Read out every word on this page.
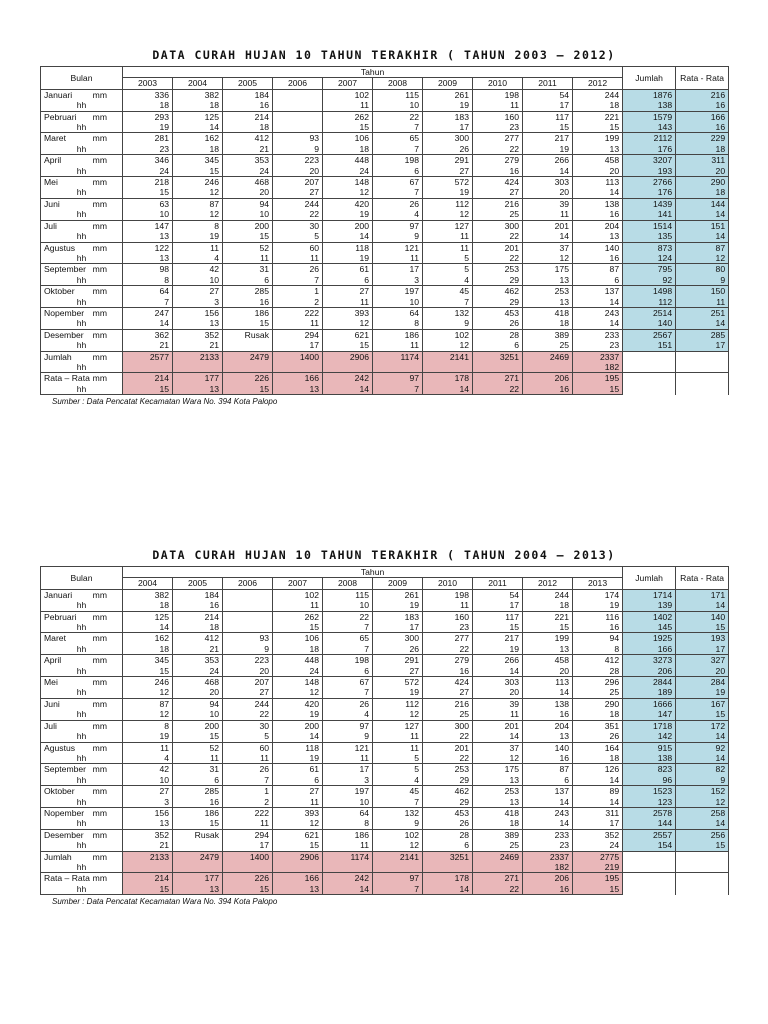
DATA CURAH HUJAN 10 TAHUN TERAKHIR ( TAHUN 2003 – 2012)
Bulan	Tahun										Jumlah	Rata - Rata
	2003	2004	2005	2006	2007	2008	2009	2010	2011	2012		
Januari mm	336	382	184		102	115	261	198	54	244	1876	216

hh	18	18	16		11	10	19	11	17	18	138	16
Pebruari mm	293	125	214		262	22	183	160	117	221	1579	166

hh	19	14	18		15	7	17	23	15	15	143	16
Maret mm	281	162	412	93	106	65	300	277	217	199	2112	229

hh	23	18	21	9	18	7	26	22	19	13	176	18
April mm	346	345	353	223	448	198	291	279	266	458	3207	311

hh	24	15	24	20	24	6	27	16	14	20	193	20
Mei mm	218	246	468	207	148	67	572	424	303	113	2766	290

hh	15	12	20	27	12	7	19	27	20	14	176	18
Juni mm	63	87	94	244	420	26	112	216	39	138	1439	144

hh	10	12	10	22	19	4	12	25	11	16	141	14
Juli mm	147	8	200	30	200	97	127	300	201	204	1514	151

hh	13	19	15	5	14	9	11	22	14	13	135	14
Agustus mm	122	11	52	60	118	121	11	201	37	140	873	87

hh	13	4	11	11	19	11	5	22	12	16	124	12
September mm	98	42	31	26	61	17	5	253	175	87	795	80

hh	8	10	6	7	6	3	4	29	13	6	92	9
Oktober mm	64	27	285	1	27	197	45	462	253	137	1498	150

hh	7	3	16	2	11	10	7	29	13	14	112	11
Nopember mm	247	156	186	222	393	64	132	453	418	243	2514	251

hh	14	13	15	11	12	8	9	26	18	14	140	14
Desember mm	362	352	Rusak	294	621	186	102	28	389	233	2567	285

hh	21	21		17	15	11	12	6	25	23	151	17
Jumlah mm	2577	2133	2479	1400	2906	1174	2141	3251	2469	2337		

hh										182		
Rata – Rata mm	214	177	226	166	242	97	178	271	206	195		

hh	15	13	15	13	14	7	14	22	16	15		
Sumber : Data Pencatat Kecamatan Wara No. 394 Kota Palopo
DATA CURAH HUJAN 10 TAHUN TERAKHIR ( TAHUN 2004 – 2013)
Bulan	Tahun										Jumlah	Rata - Rata
	2004	2005	2006	2007	2008	2009	2010	2011	2012	2013		
Januari mm	382	184		102	115	261	198	54	244	174	1714	171

hh	18	16		11	10	19	11	17	18	19	139	14
Pebruari mm	125	214		262	22	183	160	117	221	116	1402	140

hh	14	18		15	7	17	23	15	15	16	145	15
Maret mm	162	412	93	106	65	300	277	217	199	94	1925	193

hh	18	21	9	18	7	26	22	19	13	8	166	17
April mm	345	353	223	448	198	291	279	266	458	412	3273	327

hh	15	24	20	24	6	27	16	14	20	28	206	20
Mei mm	246	468	207	148	67	572	424	303	113	296	2844	284

hh	12	20	27	12	7	19	27	20	14	25	189	19
Juni mm	87	94	244	420	26	112	216	39	138	290	1666	167

hh	12	10	22	19	4	12	25	11	16	18	147	15
Juli mm	8	200	30	200	97	127	300	201	204	351	1718	172

hh	19	15	5	14	9	11	22	14	13	26	142	14
Agustus mm	11	52	60	118	121	11	201	37	140	164	915	92

hh	4	11	11	19	11	5	22	12	16	18	138	14
September mm	42	31	26	61	17	5	253	175	87	126	823	82

hh	10	6	7	6	3	4	29	13	6	14	96	9
Oktober mm	27	285	1	27	197	45	462	253	137	89	1523	152

hh	3	16	2	11	10	7	29	13	14	14	123	12
Nopember mm	156	186	222	393	64	132	453	418	243	311	2578	258

hh	13	15	11	12	8	9	26	18	14	17	144	14
Desember mm	352	Rusak	294	621	186	102	28	389	233	352	2557	256

hh	21		17	15	11	12	6	25	23	24	154	15
Jumlah mm	2133	2479	1400	2906	1174	2141	3251	2469	2337	2775		

hh									182	219		
Rata – Rata mm	214	177	226	166	242	97	178	271	206	195		

hh	15	13	15	13	14	7	14	22	16	15		
Sumber : Data Pencatat Kecamatan Wara No. 394 Kota Palopo
